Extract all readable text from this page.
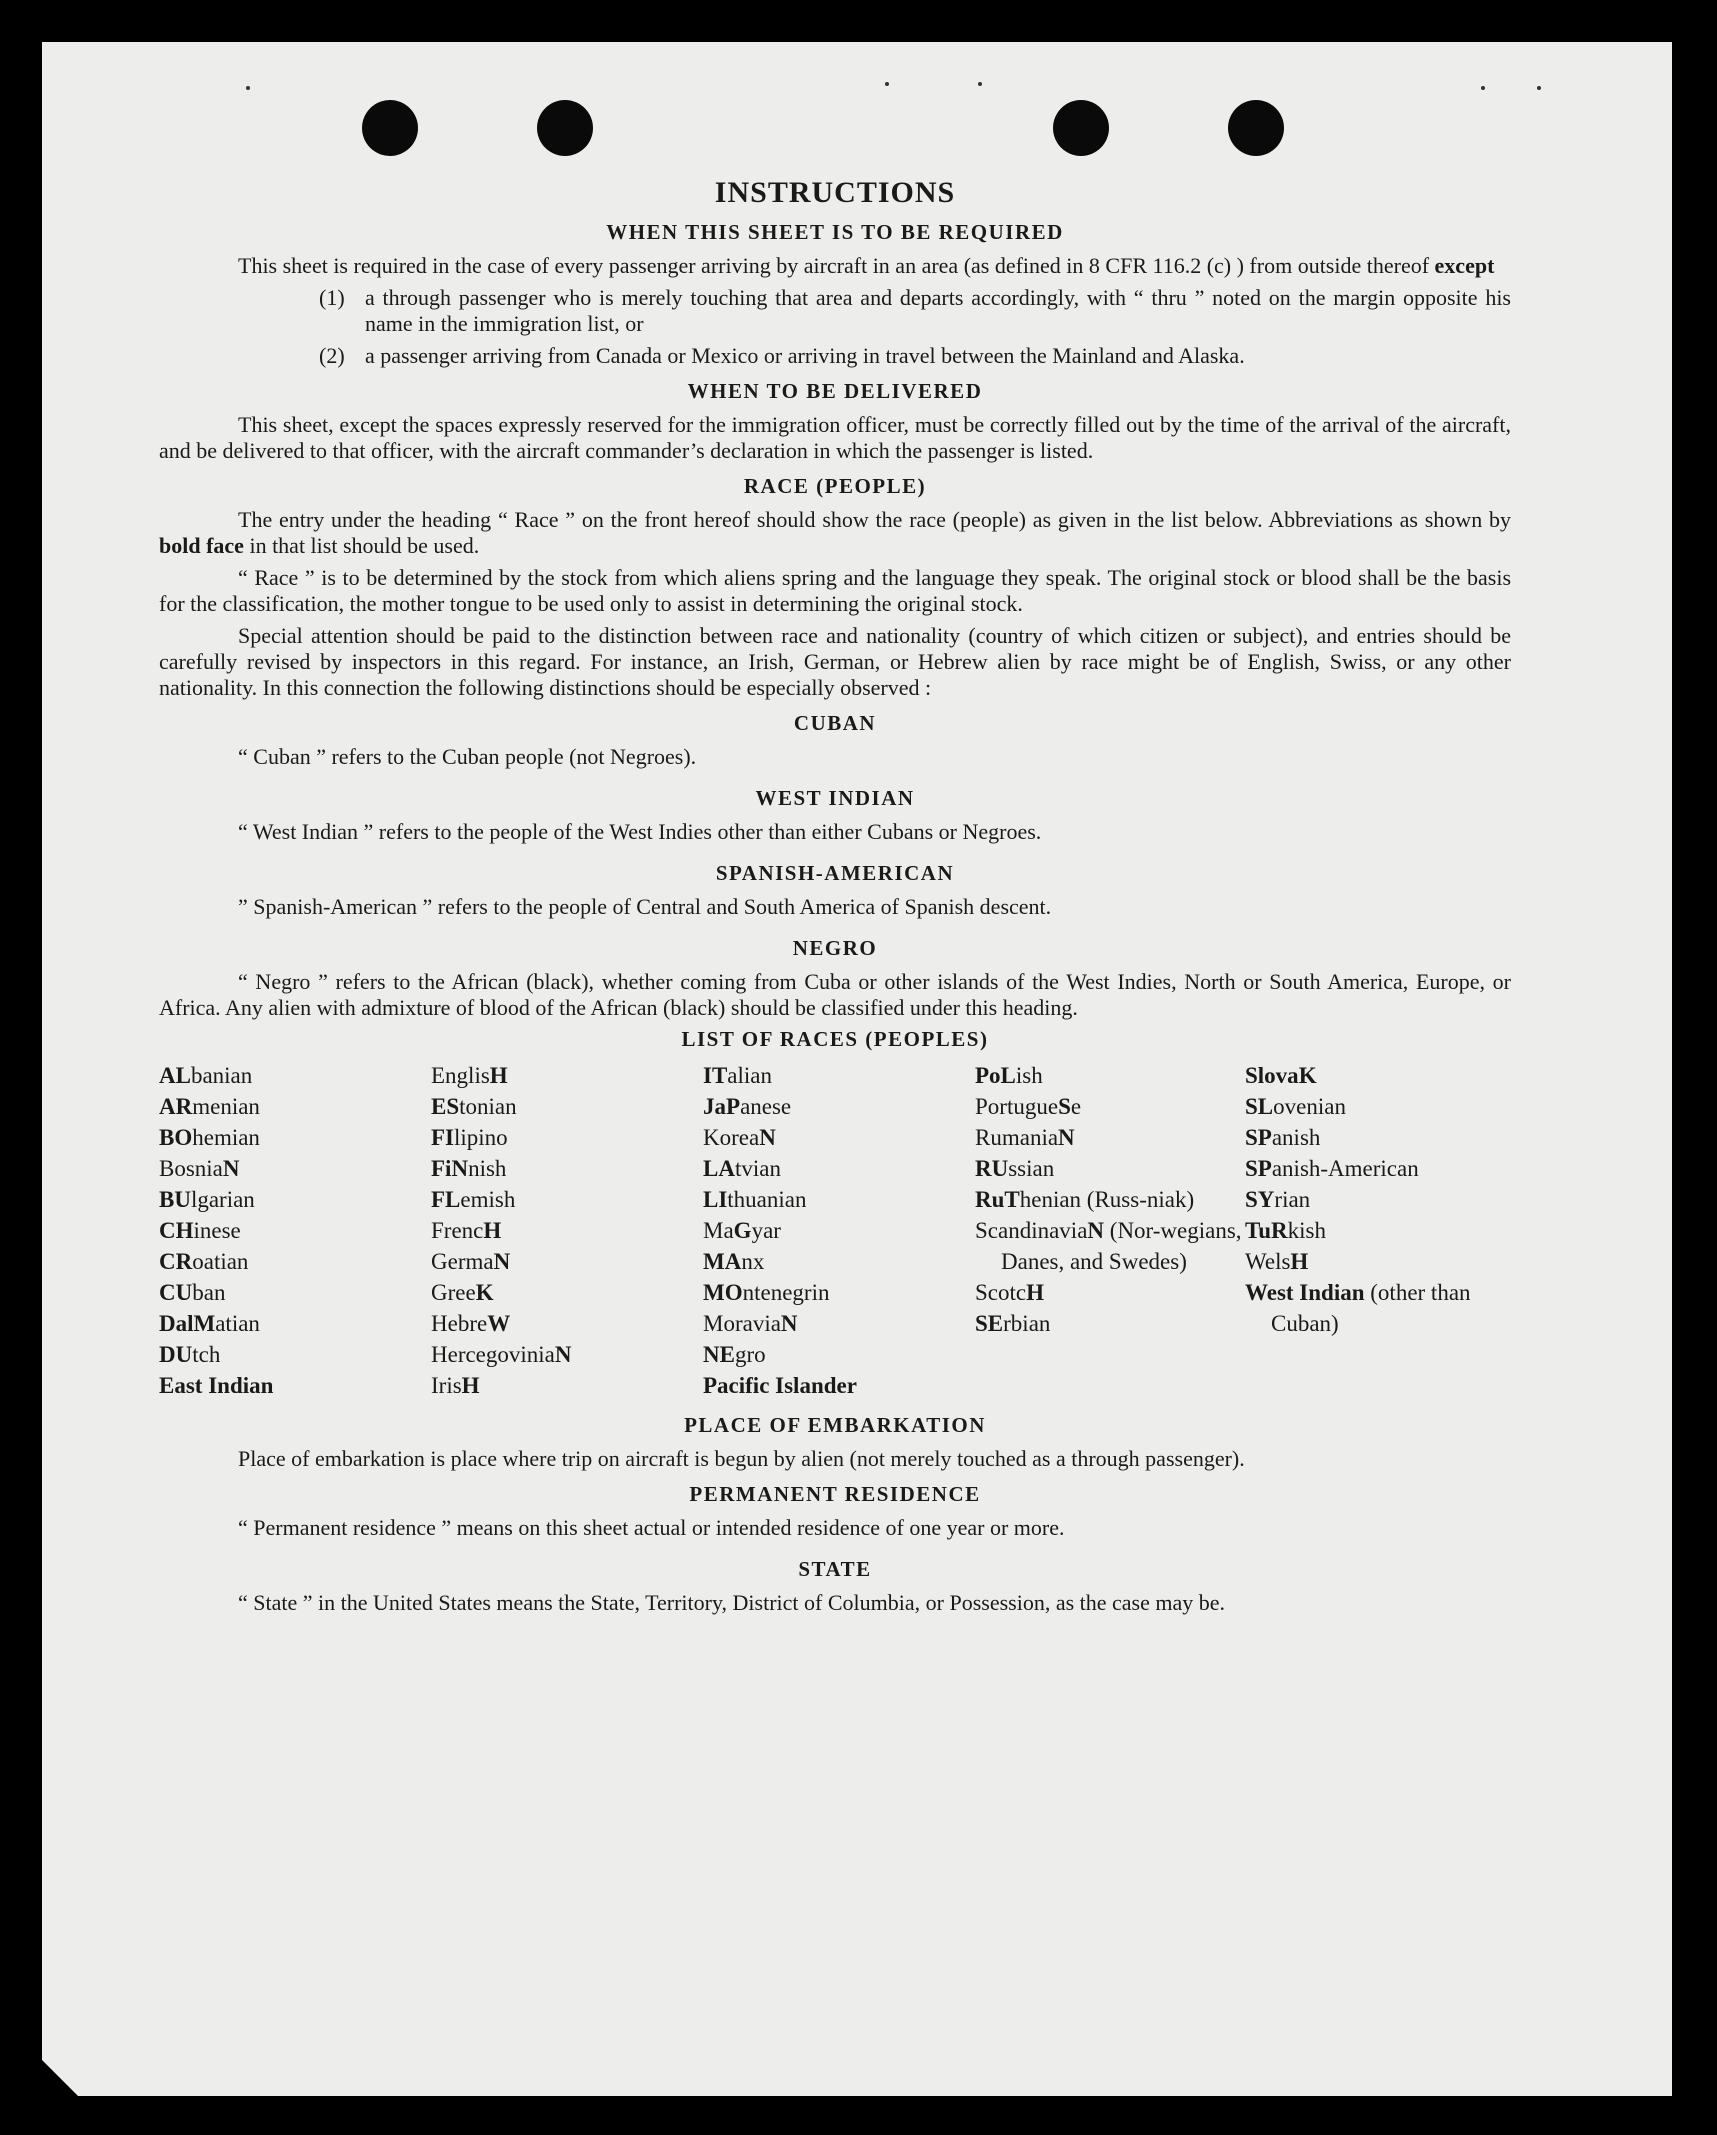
INSTRUCTIONS
WHEN THIS SHEET IS TO BE REQUIRED

This sheet is required in the case of every passenger arriving by aircraft in an area (as defined in 8 CFR 116.2 (c) ) from outside thereof except

(1) a through passenger who is merely touching that area and departs accordingly, with “ thru ” noted on the margin opposite his name in the immigration list, or
(2) a passenger arriving from Canada or Mexico or arriving in travel between the Mainland and Alaska.
WHEN TO BE DELIVERED

This sheet, except the spaces expressly reserved for the immigration officer, must be correctly filled out by the time of the arrival of the aircraft, and be delivered to that officer, with the aircraft commander’s declaration in which the passenger is listed.

RACE (PEOPLE)

The entry under the heading “ Race ” on the front hereof should show the race (people) as given in the list below. Abbreviations as shown by bold face in that list should be used.

“ Race ” is to be determined by the stock from which aliens spring and the language they speak. The original stock or blood shall be the basis for the classification, the mother tongue to be used only to assist in determining the original stock.

Special attention should be paid to the distinction between race and nationality (country of which citizen or subject), and entries should be carefully revised by inspectors in this regard. For instance, an Irish, German, or Hebrew alien by race might be of English, Swiss, or any other nationality. In this connection the following distinctions should be especially observed :

CUBAN

“ Cuban ” refers to the Cuban people (not Negroes).

WEST INDIAN

“ West Indian ” refers to the people of the West Indies other than either Cubans or Negroes.

SPANISH-AMERICAN

” Spanish-American ” refers to the people of Central and South America of Spanish descent.

NEGRO

“ Negro ” refers to the African (black), whether coming from Cuba or other islands of the West Indies, North or South America, Europe, or Africa. Any alien with admixture of blood of the African (black) should be classified under this heading.

LIST OF RACES (PEOPLES)
ALbanian
ARmenian
BOhemian
BosniaN
BUlgarian
CHinese
CRoatian
CUban
DalMatian
DUtch
East Indian
EnglisH
EStonian
FIlipino
FiNnish
FLemish
FrencH
GermaN
GreeK
HebreW
HercegoviniaN
IrisH
ITalian
JaPanese
KoreaN
LAtvian
LIthuanian
MaGyar
MAnx
MOntenegrin
MoraviaN
NEgro
Pacific Islander
PoLish
PortugueSe
RumaniaN
RUssian
RuThenian (Russ-niak)
ScandinaviaN (Nor-wegians, Danes, and Swedes)
ScotcH
SErbian
SlovaK
SLovenian
SPanish
SPanish-American
SYrian
TuRkish
WelsH
West Indian (other than Cuban)
PLACE OF EMBARKATION

Place of embarkation is place where trip on aircraft is begun by alien (not merely touched as a through passenger).

PERMANENT RESIDENCE

“ Permanent residence ” means on this sheet actual or intended residence of one year or more.

STATE

“ State ” in the United States means the State, Territory, District of Columbia, or Possession, as the case may be.
